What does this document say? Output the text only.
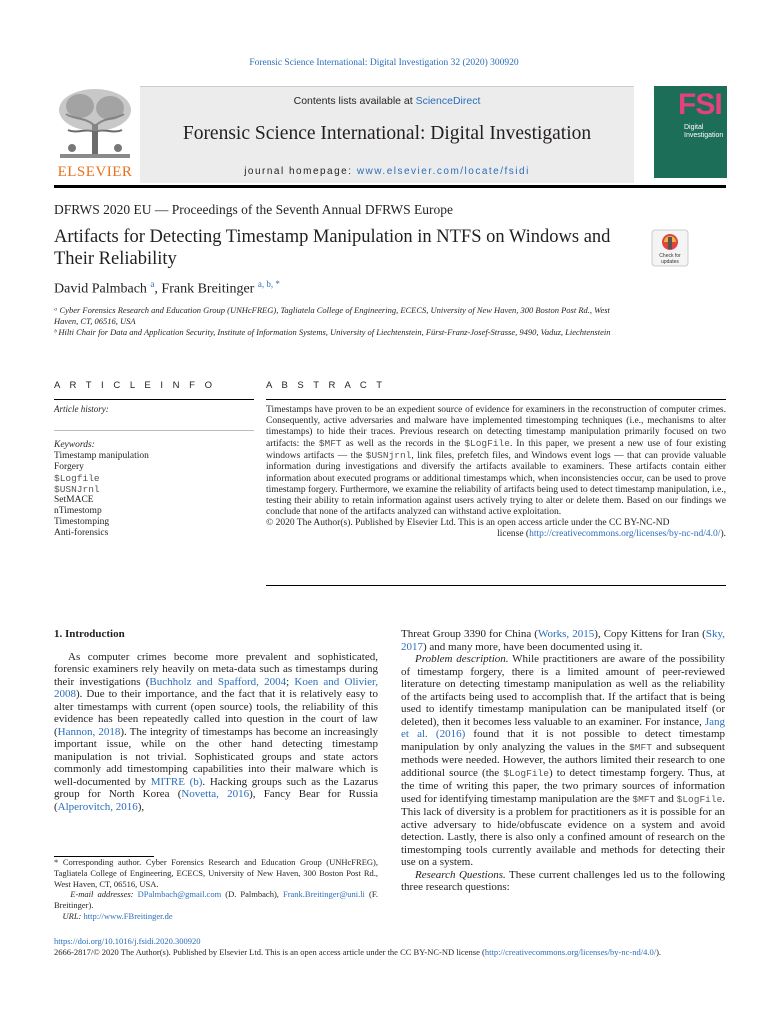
Forensic Science International: Digital Investigation 32 (2020) 300920
ELSEVIER
Contents lists available at ScienceDirect
Forensic Science International: Digital Investigation
journal homepage: www.elsevier.com/locate/fsidi
FSI
Digital
Investigation
DFRWS 2020 EU — Proceedings of the Seventh Annual DFRWS Europe
Artifacts for Detecting Timestamp Manipulation in NTFS on Windows and Their Reliability	Check for
updates
David Palmbach $^a$, Frank Breitinger $^{a, b, *}$
ᵃ Cyber Forensics Research and Education Group (UNHcFREG), Tagliatela College of Engineering, ECECS, University of New Haven, 300 Boston Post Rd., West Haven, CT, 06516, USA
ᵇ Hilti Chair for Data and Application Security, Institute of Information Systems, University of Liechtenstein, Fürst-Franz-Josef-Strasse, 9490, Vaduz, Liechtenstein
A R T I C L E I N F O	A B S T R A C T
Article history:
Keywords:
Timestamp manipulation
Forgery
$Logfile
$USNJrnl
SetMACE
nTimestomp
Timestomping
Anti-forensics
Timestamps have proven to be an expedient source of evidence for examiners in the reconstruction of computer crimes. Consequently, active adversaries and malware have implemented timestomping techniques (i.e., mechanisms to alter timestamps) to hide their traces. Previous research on detecting timestamp manipulation primarily focused on two artifacts: the $MFT as well as the records in the $LogFile. In this paper, we present a new use of four existing windows artifacts — the $USNjrnl, link files, prefetch files, and Windows event logs — that can provide valuable information during investigations and diversify the artifacts available to examiners. These artifacts contain either information about executed programs or additional timestamps which, when inconsistencies occur, can be used to prove timestamp forgery. Furthermore, we examine the reliability of artifacts being used to detect timestamp manipulation, i.e., testing their ability to retain information against users actively trying to alter or delete them. Based on our findings we conclude that none of the artifacts analyzed can withstand active exploitation.
© 2020 The Author(s). Published by Elsevier Ltd. This is an open access article under the CC BY-NC-ND
license (http://creativecommons.org/licenses/by-nc-nd/4.0/).
1. Introduction

As computer crimes become more prevalent and sophisticated, forensic examiners rely heavily on meta-data such as timestamps during their investigations (Buchholz and Spafford, 2004; Koen and Olivier, 2008). Due to their importance, and the fact that it is relatively easy to alter timestamps with current (open source) tools, the reliability of this evidence has been repeatedly called into question in the court of law (Hannon, 2018). The integrity of timestamps has become an increasingly important issue, while on the other hand detecting timestamp manipulation is not trivial. Sophisticated groups and state actors commonly add timestomping capabilities into their malware which is well-documented by MITRE (b). Hacking groups such as the Lazarus group for North Korea (Novetta, 2016), Fancy Bear for Russia (Alperovitch, 2016),

Threat Group 3390 for China (Works, 2015), Copy Kittens for Iran (Sky, 2017) and many more, have been documented using it.

Problem description. While practitioners are aware of the possibility of timestamp forgery, there is a limited amount of peer-reviewed literature on detecting timestamp manipulation as well as the reliability of the artifacts being used to accomplish that. If the artifact that is being used to identify timestamp manipulation can be manipulated itself (or deleted), then it becomes less valuable to an examiner. For instance, Jang et al. (2016) found that it is not possible to detect timestamp manipulation by only analyzing the values in the $MFT and subsequent methods were needed. However, the authors limited their research to one additional source (the $LogFile) to detect timestamp forgery. Thus, at the time of writing this paper, the two primary sources of information used for identifying timestamp manipulation are the $MFT and $LogFile. This lack of diversity is a problem for practitioners as it is possible for an active adversary to hide/obfuscate evidence on a system and avoid detection. Lastly, there is also only a confined amount of research on the timestomping tools currently available and methods for detecting their use on a system.

Research Questions. These current challenges led us to the following three research questions:

* Corresponding author. Cyber Forensics Research and Education Group (UNHcFREG), Tagliatela College of Engineering, ECECS, University of New Haven, 300 Boston Post Rd., West Haven, CT, 06516, USA.

E-mail addresses: DPalmbach@gmail.com (D. Palmbach), Frank.Breitinger@uni.li (F. Breitinger).

URL: http://www.FBreitinger.de

https://doi.org/10.1016/j.fsidi.2020.300920

2666-2817/© 2020 The Author(s). Published by Elsevier Ltd. This is an open access article under the CC BY-NC-ND license (http://creativecommons.org/licenses/by-nc-nd/4.0/).
